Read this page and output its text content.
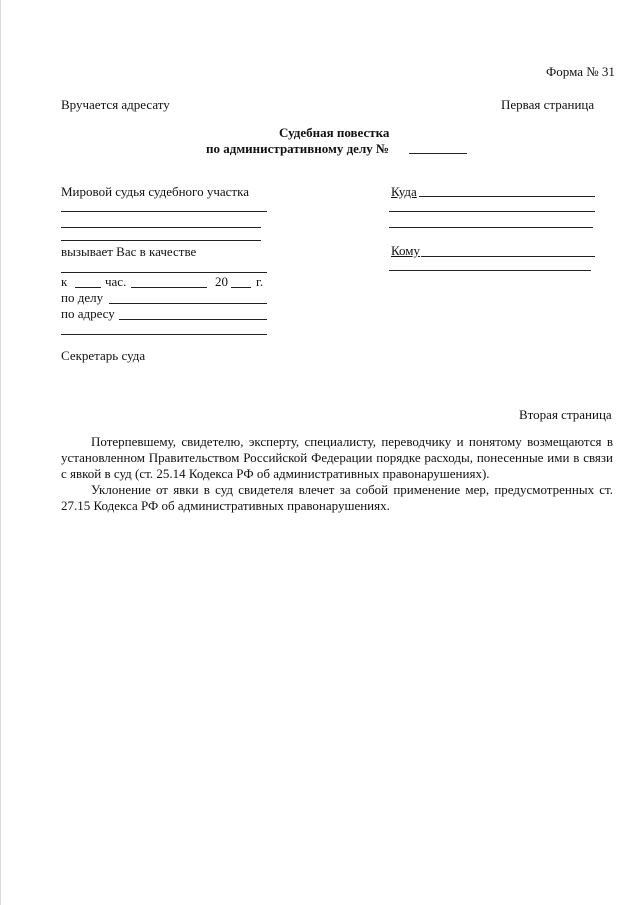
Форма № 31
Вручается адресату	Первая страница
Судебная повестка
по административному делу №
Мировой судья судебного участка
вызывает Вас в качестве
к	час.	20 г.
по делу
по адресу
Секретарь суда
Куда
Кому
Вторая страница
Потерпевшему, свидетелю, эксперту, специалисту, переводчику и понятому возмещаются в установленном Правительством Российской Федерации порядке расходы, понесенные ими в связи с явкой в суд (ст. 25.14 Кодекса РФ об административных правонарушениях).
Уклонение от явки в суд свидетеля влечет за собой применение мер, предусмотренных ст. 27.15 Кодекса РФ об административных правонарушениях.
